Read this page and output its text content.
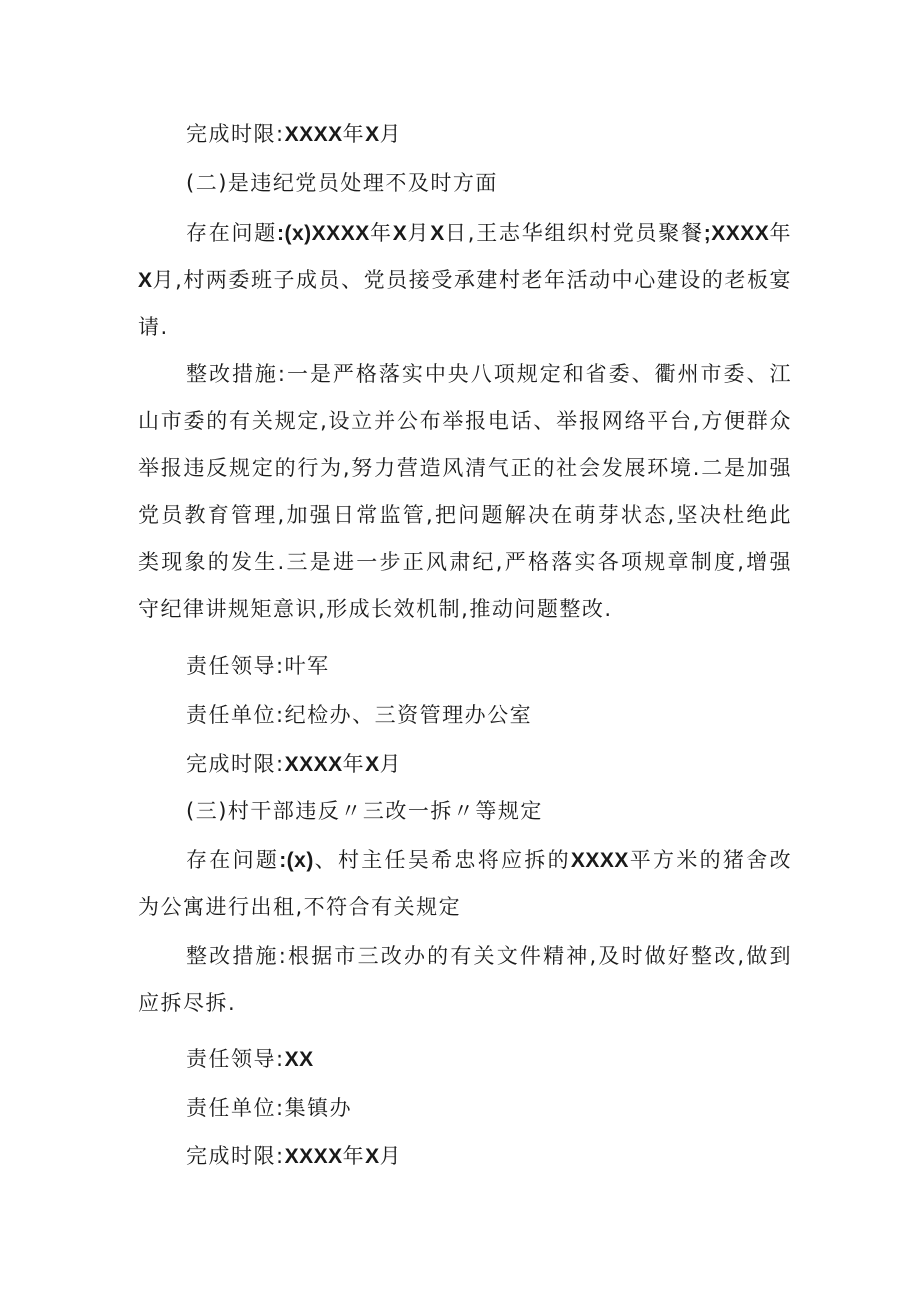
完成时限:XXXX年X月

(二)是违纪党员处理不及时方面

存在问题:(x)XXXX年X月X日,王志华组织村党员聚餐;XXXX年X月,村两委班子成员、党员接受承建村老年活动中心建设的老板宴请.

整改措施:一是严格落实中央八项规定和省委、衢州市委、江山市委的有关规定,设立并公布举报电话、举报网络平台,方便群众举报违反规定的行为,努力营造风清气正的社会发展环境.二是加强党员教育管理,加强日常监管,把问题解决在萌芽状态,坚决杜绝此类现象的发生.三是进一步正风肃纪,严格落实各项规章制度,增强守纪律讲规矩意识,形成长效机制,推动问题整改.

责任领导:叶军

责任单位:纪检办、三资管理办公室

完成时限:XXXX年X月

(三)村干部违反〃三改一拆〃等规定

存在问题:(x)、村主任吴希忠将应拆的XXXX平方米的猪舍改为公寓进行出租,不符合有关规定

整改措施:根据市三改办的有关文件精神,及时做好整改,做到应拆尽拆.

责任领导:XX

责任单位:集镇办

完成时限:XXXX年X月
